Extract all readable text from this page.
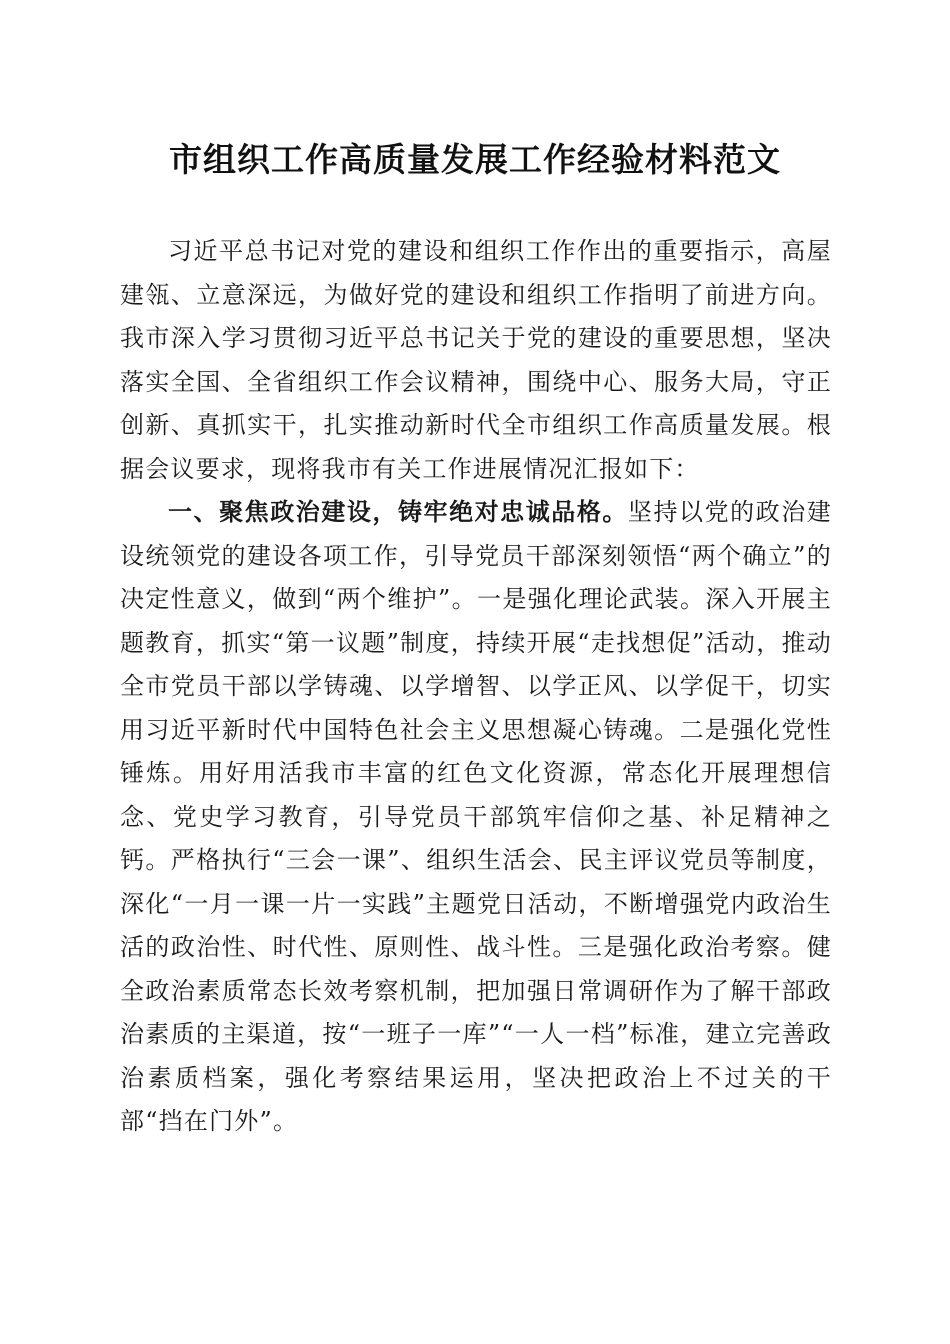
市组织工作高质量发展工作经验材料范文

习近平总书记对党的建设和组织工作作出的重要指示，高屋建瓴、立意深远，为做好党的建设和组织工作指明了前进方向。我市深入学习贯彻习近平总书记关于党的建设的重要思想，坚决落实全国、全省组织工作会议精神，围绕中心、服务大局，守正创新、真抓实干，扎实推动新时代全市组织工作高质量发展。根据会议要求，现将我市有关工作进展情况汇报如下：

一、聚焦政治建设，铸牢绝对忠诚品格。坚持以党的政治建设统领党的建设各项工作，引导党员干部深刻领悟“两个确立”的决定性意义，做到“两个维护”。一是强化理论武装。深入开展主题教育，抓实“第一议题”制度，持续开展“走找想促”活动，推动全市党员干部以学铸魂、以学增智、以学正风、以学促干，切实用习近平新时代中国特色社会主义思想凝心铸魂。二是强化党性锤炼。用好用活我市丰富的红色文化资源，常态化开展理想信念、党史学习教育，引导党员干部筑牢信仰之基、补足精神之钙。严格执行“三会一课”、组织生活会、民主评议党员等制度，深化“一月一课一片一实践”主题党日活动，不断增强党内政治生活的政治性、时代性、原则性、战斗性。三是强化政治考察。健全政治素质常态长效考察机制，把加强日常调研作为了解干部政治素质的主渠道，按“一班子一库”“一人一档”标准，建立完善政治素质档案，强化考察结果运用，坚决把政治上不过关的干部“挡在门外”。
